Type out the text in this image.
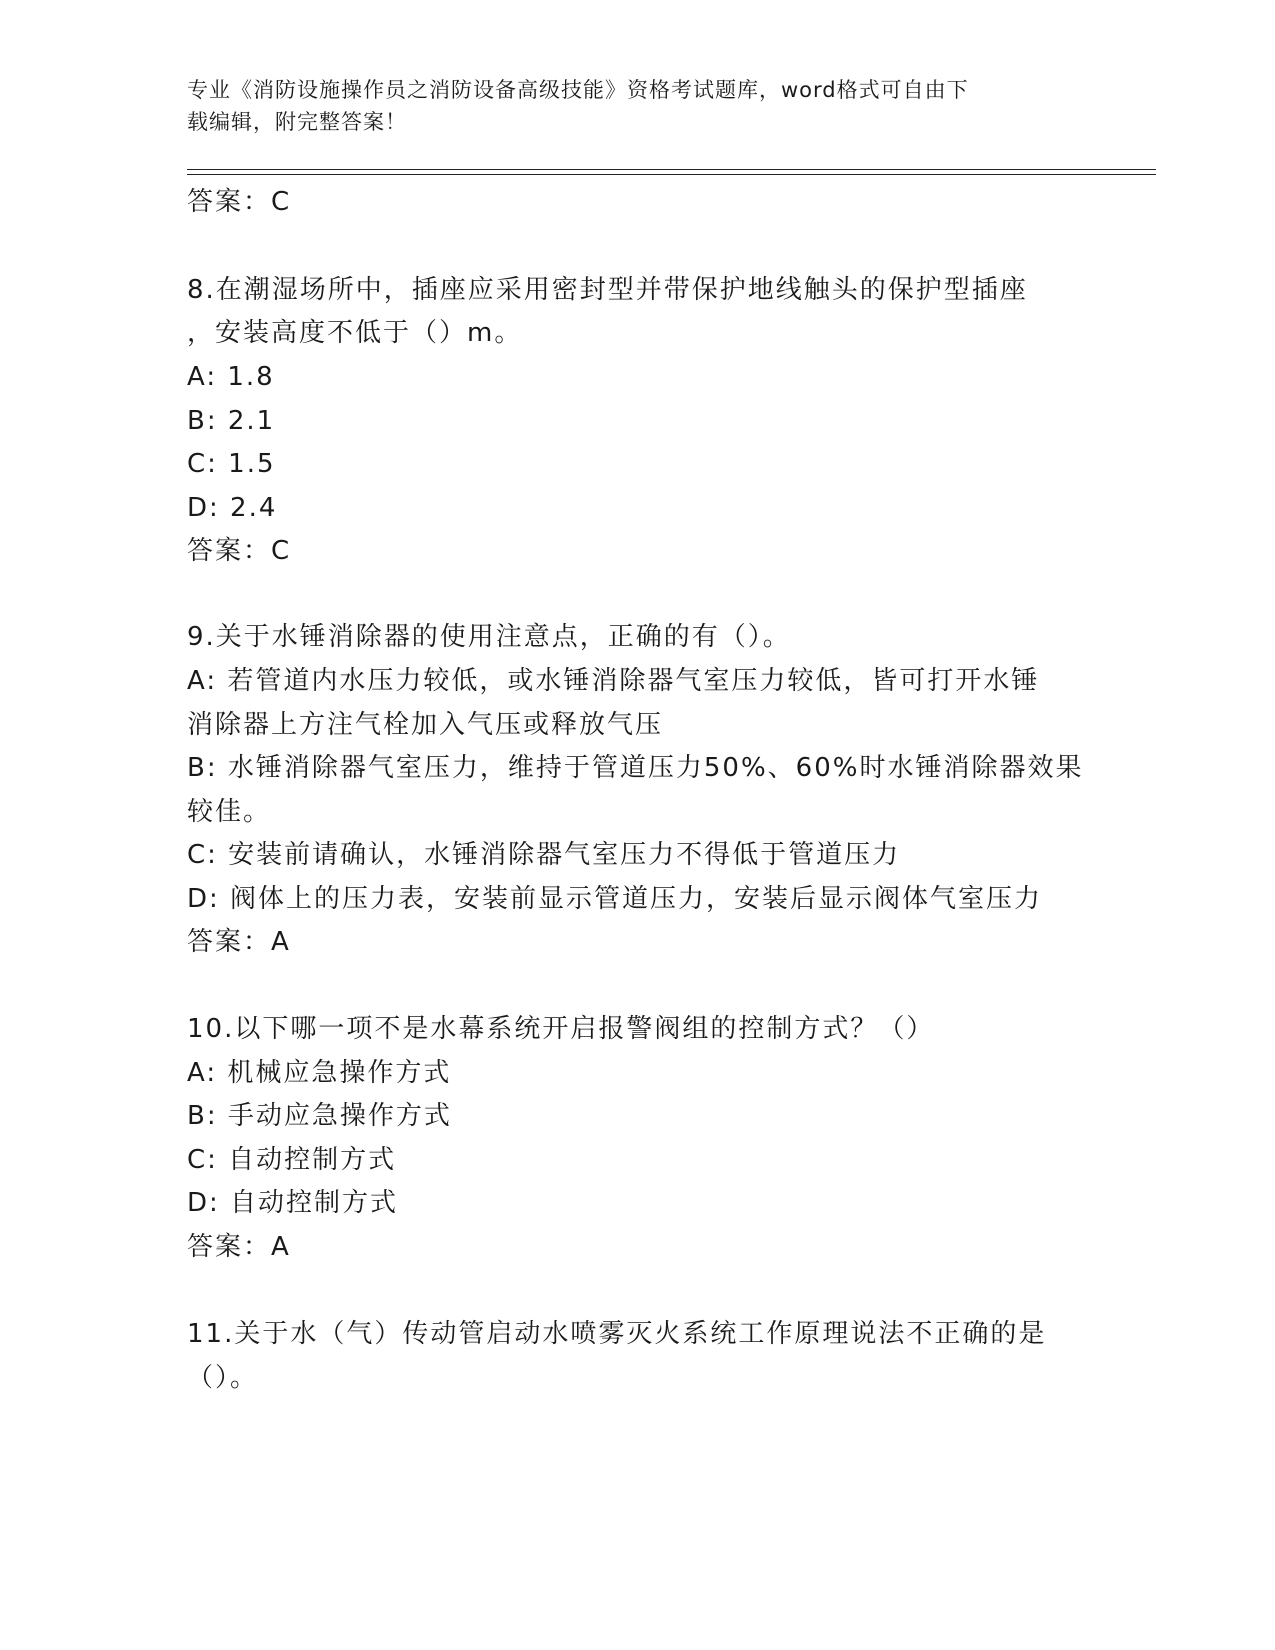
专业《消防设施操作员之消防设备高级技能》资格考试题库，word格式可自由下
载编辑，附完整答案！
答案：C
8.在潮湿场所中，插座应采用密封型并带保护地线触头的保护型插座
，安装高度不低于（）m。
A: 1.8
B: 2.1
C: 1.5
D: 2.4
答案：C
9.关于水锤消除器的使用注意点，正确的有（）。
A: 若管道内水压力较低，或水锤消除器气室压力较低，皆可打开水锤
消除器上方注气栓加入气压或释放气压
B: 水锤消除器气室压力，维持于管道压力50%、60%时水锤消除器效果
较佳。
C: 安装前请确认，水锤消除器气室压力不得低于管道压力
D: 阀体上的压力表，安装前显示管道压力，安装后显示阀体气室压力
答案：A
10.以下哪一项不是水幕系统开启报警阀组的控制方式？（）
A: 机械应急操作方式
B: 手动应急操作方式
C: 自动控制方式
D: 自动控制方式
答案：A
11.关于水（气）传动管启动水喷雾灭火系统工作原理说法不正确的是
（）。
